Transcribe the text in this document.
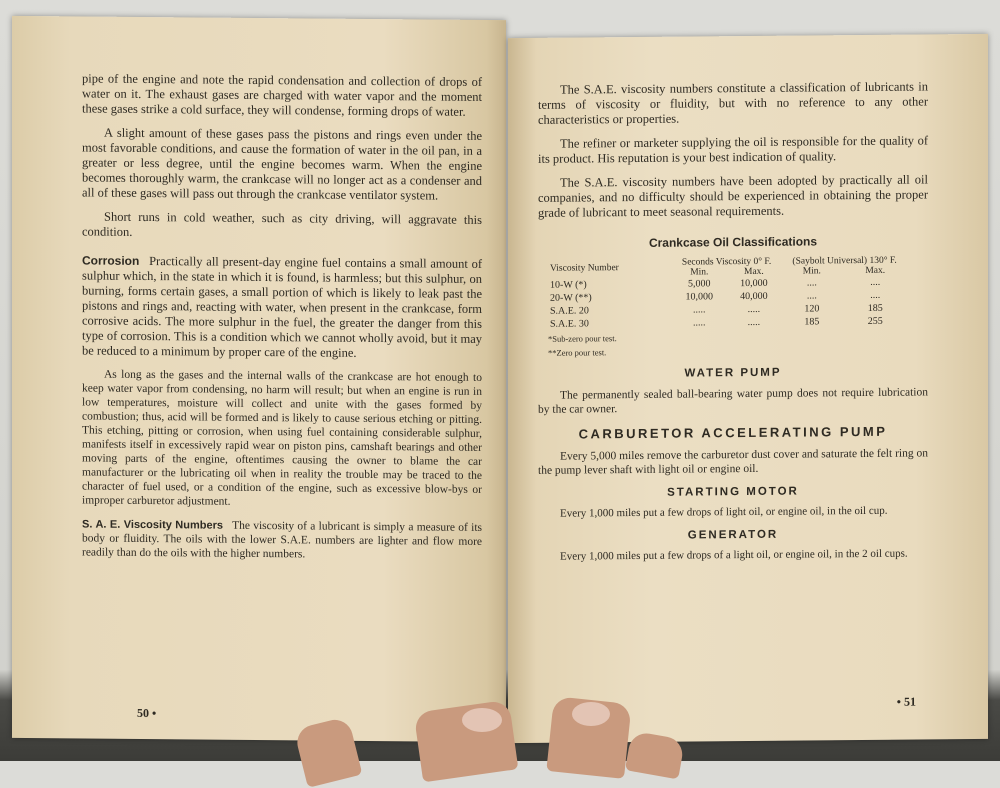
pipe of the engine and note the rapid condensation and collection of drops of water on it. The exhaust gases are charged with water vapor and the moment these gases strike a cold surface, they will condense, forming drops of water.

A slight amount of these gases pass the pistons and rings even under the most favorable conditions, and cause the formation of water in the oil pan, in a greater or less degree, until the engine becomes warm. When the engine becomes thoroughly warm, the crankcase will no longer act as a condenser and all of these gases will pass out through the crankcase ventilator system.

Short runs in cold weather, such as city driving, will aggravate this condition.

Corrosion Practically all present-day engine fuel contains a small amount of sulphur which, in the state in which it is found, is harmless; but this sulphur, on burning, forms certain gases, a small portion of which is likely to leak past the pistons and rings and, reacting with water, when present in the crankcase, form corrosive acids. The more sulphur in the fuel, the greater the danger from this type of corrosion. This is a condition which we cannot wholly avoid, but it may be reduced to a minimum by proper care of the engine.

As long as the gases and the internal walls of the crankcase are hot enough to keep water vapor from condensing, no harm will result; but when an engine is run in low temperatures, moisture will collect and unite with the gases formed by combustion; thus, acid will be formed and is likely to cause serious etching or pitting. This etching, pitting or corrosion, when using fuel containing considerable sulphur, manifests itself in excessively rapid wear on piston pins, camshaft bearings and other moving parts of the engine, oftentimes causing the owner to blame the car manufacturer or the lubricating oil when in reality the trouble may be traced to the character of fuel used, or a condition of the engine, such as excessive blow-bys or improper carburetor adjustment.

S. A. E. Viscosity Numbers The viscosity of a lubricant is simply a measure of its body or fluidity. The oils with the lower S.A.E. numbers are lighter and flow more readily than do the oils with the higher numbers.

50 •

The S.A.E. viscosity numbers constitute a classification of lubricants in terms of viscosity or fluidity, but with no reference to any other characteristics or properties.

The refiner or marketer supplying the oil is responsible for the quality of its product. His reputation is your best indication of quality.

The S.A.E. viscosity numbers have been adopted by practically all oil companies, and no difficulty should be experienced in obtaining the proper grade of lubricant to meet seasonal requirements.

Crankcase Oil Classifications
Viscosity Number	Seconds Viscosity 0° F.		(Saybolt Universal) 130° F.	
	Min.	Max.	Min.	Max.
10-W (*)	5,000	10,000	....	....
20-W (**)	10,000	40,000	....	....
S.A.E. 20	.....	.....	120	185
S.A.E. 30	.....	.....	185	255
*Sub-zero pour test.
**Zero pour test.
WATER PUMP

The permanently sealed ball-bearing water pump does not require lubrication by the car owner.

CARBURETOR ACCELERATING PUMP

Every 5,000 miles remove the carburetor dust cover and saturate the felt ring on the pump lever shaft with light oil or engine oil.

STARTING MOTOR

Every 1,000 miles put a few drops of light oil, or engine oil, in the oil cup.

GENERATOR

Every 1,000 miles put a few drops of a light oil, or engine oil, in the 2 oil cups.

• 51
